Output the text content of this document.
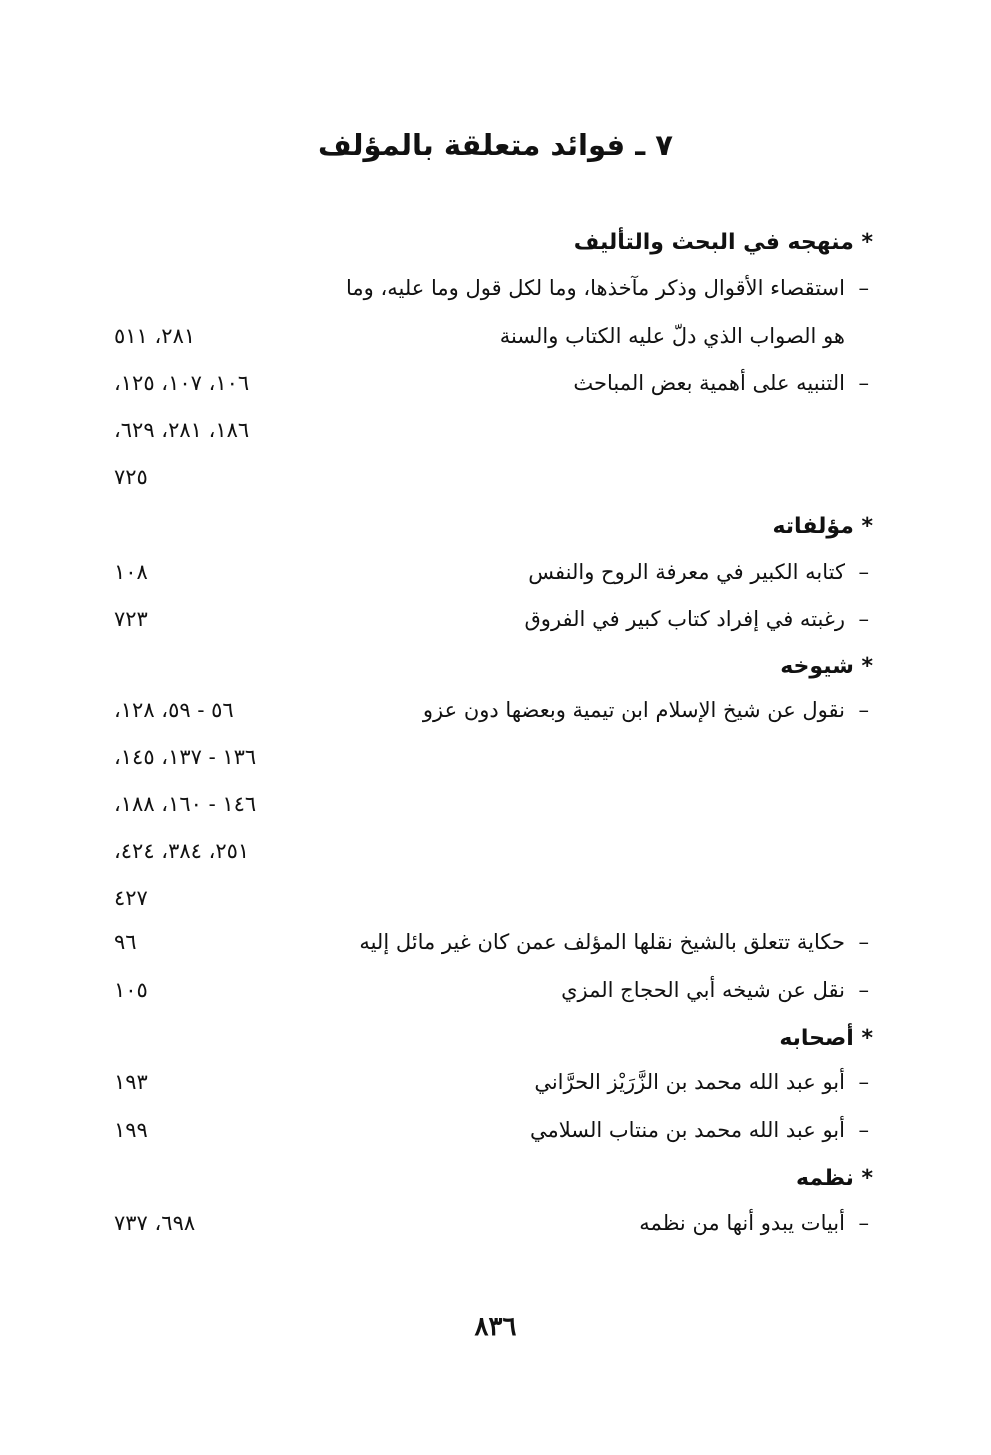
٧ ـ فوائد متعلقة بالمؤلف
* منهجه في البحث والتأليف
–
استقصاء الأقوال وذكر مآخذها، وما لكل قول وما عليه، وما
هو الصواب الذي دلّ عليه الكتاب والسنة
٢٨١، ٥١١
–
التنبيه على أهمية بعض المباحث
١٠٦، ١٠٧، ١٢٥،
١٨٦، ٢٨١، ٦٢٩،
٧٢٥
* مؤلفاته
–
كتابه الكبير في معرفة الروح والنفس
١٠٨
–
رغبته في إفراد كتاب كبير في الفروق
٧٢٣
* شيوخه
–
نقول عن شيخ الإسلام ابن تيمية وبعضها دون عزو
٥٦ - ٥٩، ١٢٨،
١٣٦ - ١٣٧، ١٤٥،
١٤٦ - ١٦٠، ١٨٨،
٢٥١، ٣٨٤، ٤٢٤،
٤٢٧
–
حكاية تتعلق بالشيخ نقلها المؤلف عمن كان غير مائل إليه
٩٦
–
نقل عن شيخه أبي الحجاج المزي
١٠٥
* أصحابه
–
أبو عبد الله محمد بن الزَّرَيْز الحرَّاني
١٩٣
–
أبو عبد الله محمد بن منتاب السلامي
١٩٩
* نظمه
–
أبيات يبدو أنها من نظمه
٦٩٨، ٧٣٧
٨٣٦
